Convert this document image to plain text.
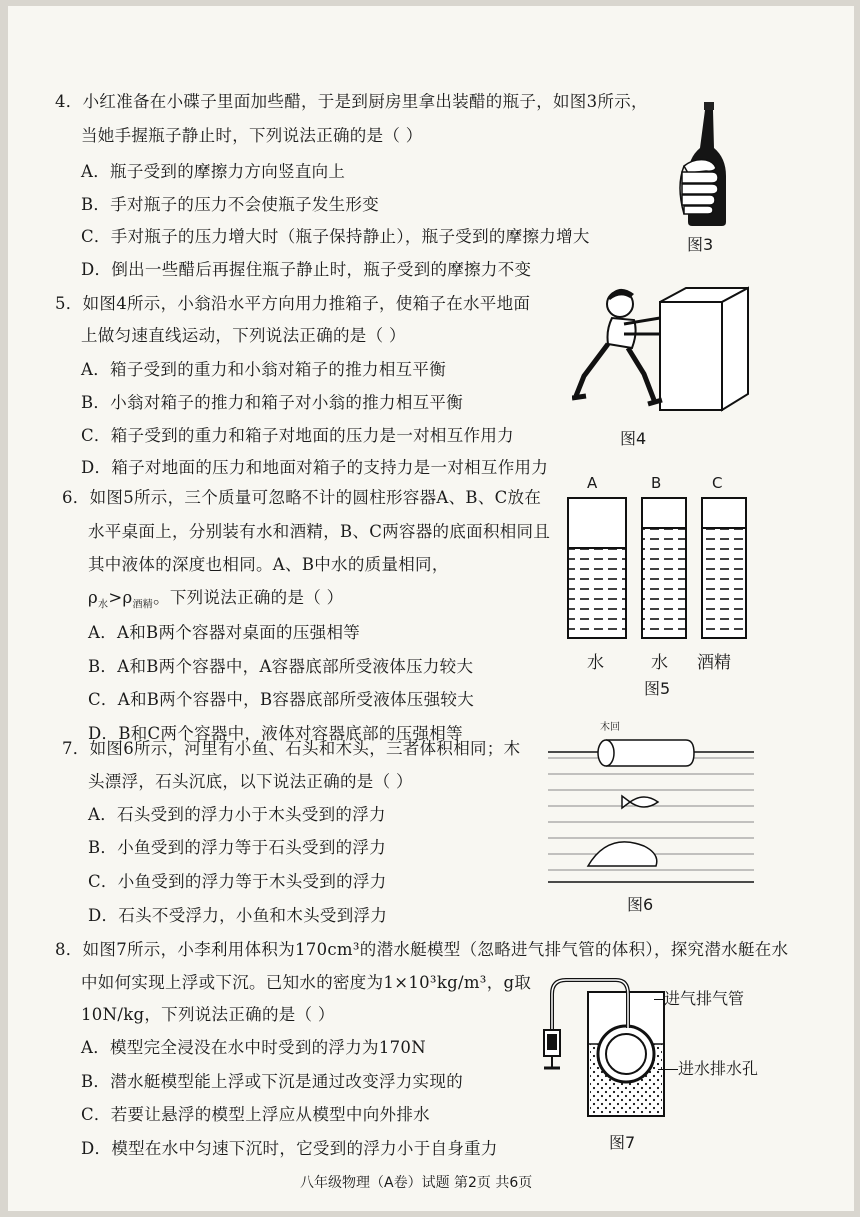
4．小红准备在小碟子里面加些醋，于是到厨房里拿出装醋的瓶子，如图3所示，
当她手握瓶子静止时，下列说法正确的是（ ）
A．瓶子受到的摩擦力方向竖直向上
B．手对瓶子的压力不会使瓶子发生形变
C．手对瓶子的压力增大时（瓶子保持静止），瓶子受到的摩擦力增大
D．倒出一些醋后再握住瓶子静止时，瓶子受到的摩擦力不变
图3
5．如图4所示，小翁沿水平方向用力推箱子，使箱子在水平地面
上做匀速直线运动，下列说法正确的是（ ）
A．箱子受到的重力和小翁对箱子的推力相互平衡
B．小翁对箱子的推力和箱子对小翁的推力相互平衡
C．箱子受到的重力和箱子对地面的压力是一对相互作用力
D．箱子对地面的压力和地面对箱子的支持力是一对相互作用力
图4
6．如图5所示，三个质量可忽略不计的圆柱形容器A、B、C放在
水平桌面上，分别装有水和酒精，B、C两容器的底面积相同且
其中液体的深度也相同。A、B中水的质量相同，
$\rho_水>\rho_{酒精}$。下列说法正确的是（ ）
A．A和B两个容器对桌面的压强相等
B．A和B两个容器中，A容器底部所受液体压力较大
C．A和B两个容器中，B容器底部所受液体压强较大
D．B和C两个容器中，液体对容器底部的压强相等
A	B	C
水	水 酒精
图5
7．如图6所示，河里有小鱼、石头和木头，三者体积相同；木
头漂浮，石头沉底，以下说法正确的是（ ）
A．石头受到的浮力小于木头受到的浮力
B．小鱼受到的浮力等于石头受到的浮力
C．小鱼受到的浮力等于木头受到的浮力
D．石头不受浮力，小鱼和木头受到浮力
木回
图6
8．如图7所示，小李利用体积为170cm³的潜水艇模型（忽略进气排气管的体积），探究潜水艇在水
中如何实现上浮或下沉。已知水的密度为1×10³kg/m³，g取
10N/kg，下列说法正确的是（ ）
A．模型完全浸没在水中时受到的浮力为170N
B．潜水艇模型能上浮或下沉是通过改变浮力实现的
C．若要让悬浮的模型上浮应从模型中向外排水
D．模型在水中匀速下沉时，它受到的浮力小于自身重力
进气排气管
进水排水孔
图7
八年级物理（A卷）试题 第2页 共6页
